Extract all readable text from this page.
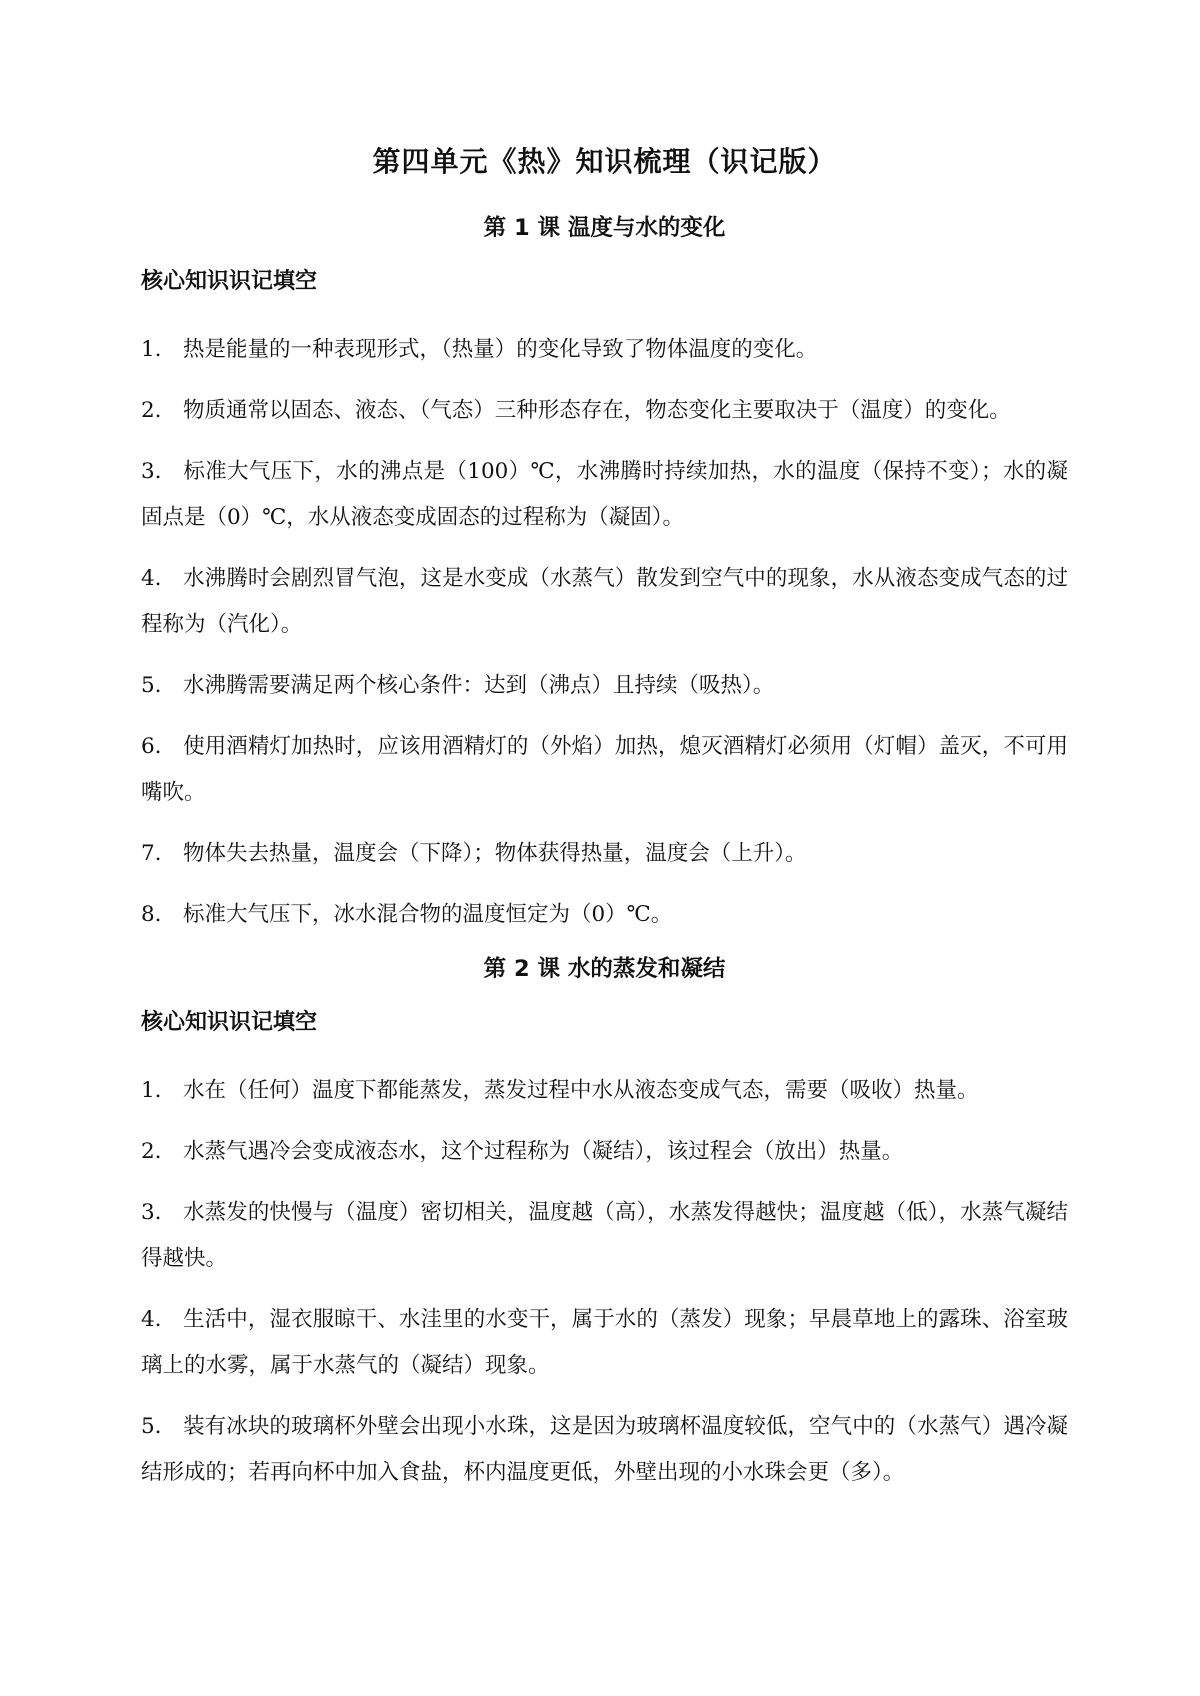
第四单元《热》知识梳理（识记版）
第 1 课 温度与水的变化
核心知识识记填空
1. 热是能量的一种表现形式，（热量）的变化导致了物体温度的变化。
2. 物质通常以固态、液态、（气态）三种形态存在，物态变化主要取决于（温度）的变化。
3. 标准大气压下，水的沸点是（100）℃，水沸腾时持续加热，水的温度（保持不变）；水的凝固点是（0）℃，水从液态变成固态的过程称为（凝固）。
4. 水沸腾时会剧烈冒气泡，这是水变成（水蒸气）散发到空气中的现象，水从液态变成气态的过程称为（汽化）。
5. 水沸腾需要满足两个核心条件：达到（沸点）且持续（吸热）。
6. 使用酒精灯加热时，应该用酒精灯的（外焰）加热，熄灭酒精灯必须用（灯帽）盖灭，不可用嘴吹。
7. 物体失去热量，温度会（下降）；物体获得热量，温度会（上升）。
8. 标准大气压下，冰水混合物的温度恒定为（0）℃。
第 2 课 水的蒸发和凝结
核心知识识记填空
1. 水在（任何）温度下都能蒸发，蒸发过程中水从液态变成气态，需要（吸收）热量。
2. 水蒸气遇冷会变成液态水，这个过程称为（凝结），该过程会（放出）热量。
3. 水蒸发的快慢与（温度）密切相关，温度越（高），水蒸发得越快；温度越（低），水蒸气凝结得越快。
4. 生活中，湿衣服晾干、水洼里的水变干，属于水的（蒸发）现象；早晨草地上的露珠、浴室玻璃上的水雾，属于水蒸气的（凝结）现象。
5. 装有冰块的玻璃杯外壁会出现小水珠，这是因为玻璃杯温度较低，空气中的（水蒸气）遇冷凝结形成的；若再向杯中加入食盐，杯内温度更低，外壁出现的小水珠会更（多）。
